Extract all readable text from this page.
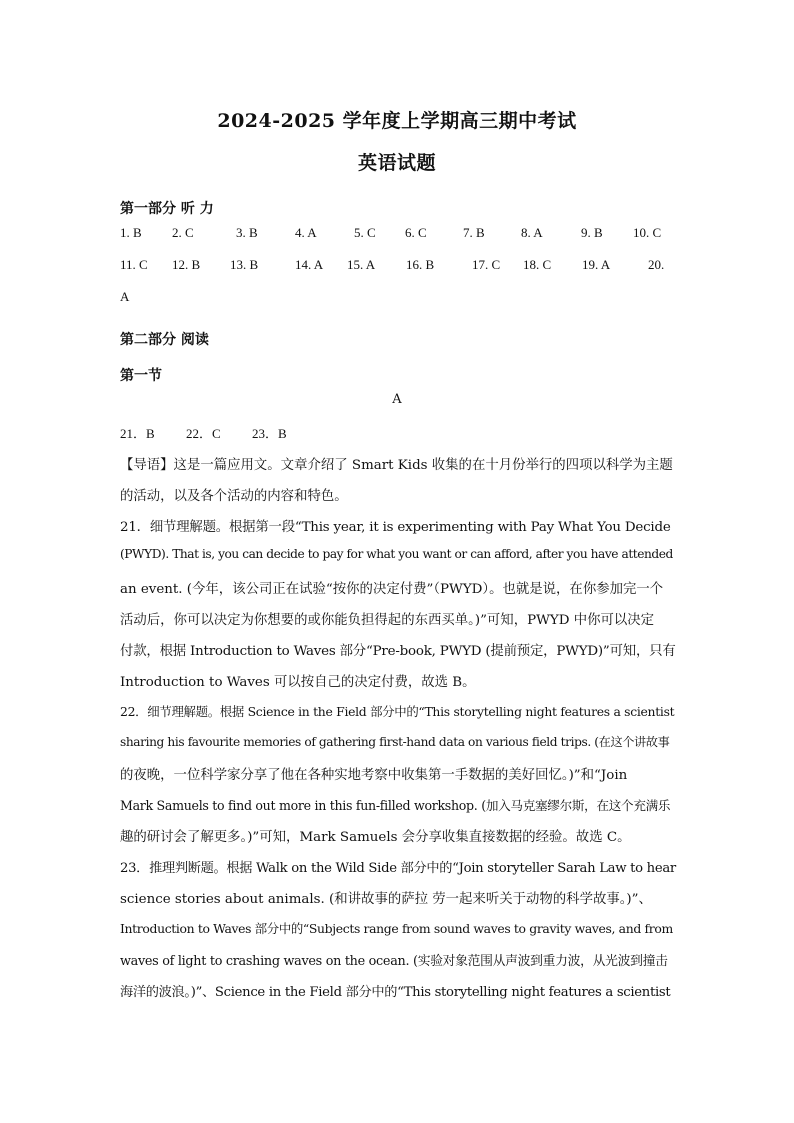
2024-2025 学年度上学期高三期中考试
英语试题
第一部分 听 力
1. B 2. C	3. B	4. A	5. C 6. C	7. B	8. A	9. B 10. C
11. C 12. B 13. B	14. A 15. A 16. B	17. C 18. C 19. A	20.
A
第二部分 阅读
第一节
A
21．B 22．C 23．B
【导语】这是一篇应用文。文章介绍了 Smart Kids 收集的在十月份举行的四项以科学为主题
的活动，以及各个活动的内容和特色。
21．细节理解题。根据第一段“This year, it is experimenting with Pay What You Decide
(PWYD). That is, you can decide to pay for what you want or can afford, after you have attended
an event. (今年，该公司正在试验“按你的决定付费”（PWYD）。也就是说，在你参加完一个
活动后，你可以决定为你想要的或你能负担得起的东西买单。)”可知，PWYD 中你可以决定
付款，根据 Introduction to Waves 部分“Pre-book, PWYD (提前预定，PWYD)”可知，只有
Introduction to Waves 可以按自己的决定付费，故选 B。
22．细节理解题。根据 Science in the Field 部分中的“This storytelling night features a scientist
sharing his favourite memories of gathering first-hand data on various field trips. (在这个讲故事
的夜晚，一位科学家分享了他在各种实地考察中收集第一手数据的美好回忆。)”和“Join
Mark Samuels to find out more in this fun-filled workshop. (加入马克塞缪尔斯，在这个充满乐
趣的研讨会了解更多。)”可知，Mark Samuels 会分享收集直接数据的经验。故选 C。
23．推理判断题。根据 Walk on the Wild Side 部分中的“Join storyteller Sarah Law to hear
science stories about animals. (和讲故事的萨拉 劳一起来听关于动物的科学故事。)”、
Introduction to Waves 部分中的“Subjects range from sound waves to gravity waves, and from
waves of light to crashing waves on the ocean. (实验对象范围从声波到重力波，从光波到撞击
海洋的波浪。)”、Science in the Field 部分中的“This storytelling night features a scientist
